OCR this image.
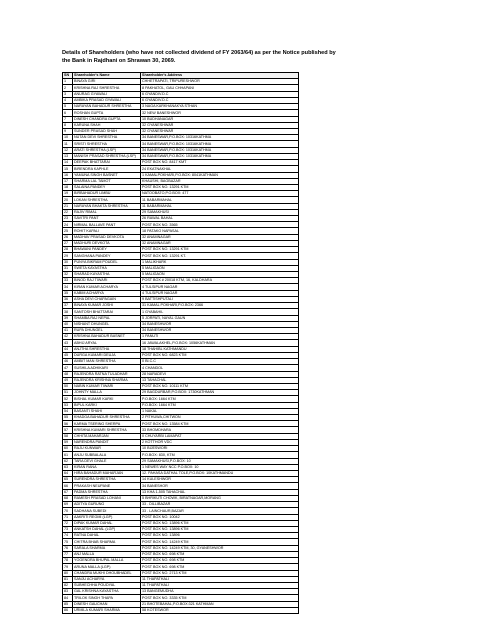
Details of Shareholders (who have not collected dividend of FY 2063/64) as per the Notice published by
the Bank in Rajdhani on Shrawan 30, 2069.
SN	Shareholder's Name	Shareholder's Address
1	BINAYA GIRI	CHHETRAPATI, TRIPURESHWOR
2	KRISHNA RAJ SHRESTHA	8 PAKHATOL, GAU CHHAPANI
3	ANURAG GYAWALI	6 GYANDIV.D.C
4	AMBIKA PRASAD GYAWALI	6 GYANDIV.D.C
5	NARAYAN BAHADUR SHRESTHA	3 NAGA KARKHANAKYA STHAN
6	ROSHAN GUPTA	32 NEW BANESHWOR
7	DINESH CHANDRA GUPTA	10 BUDHANAGAR
8	KARUNA SHAH	32 GYANESHWAR
9	SUNDER PRASAD SHAH	32 GYANESHWAR
10	NUTAN DEVI SHRESTHA	34 BANESWAR,P.O.BOX: 10316KATHMA
11	SRISTI SHRESTHA	34 BANESWAR,P.O.BOX: 10316KATHMA
12	ARATI SHRESTHA (LSP)	34 BANESWAR,P.O.BOX: 10316KATHMA
13	MANISH PRASAD SHRESTHA (LSP)	34 BANESWAR,P.O.BOX: 10316KATHMA
14	DEEPAK BHATTARAI	POST BOX NO. 8417 KMT
15	BIRENDRA KAPHLE	24 EKATNAKHAL
16	YAMUNA SINGH BASNET	1 KAMALPOKHARI,P.O.BOX: 8041KATHMAN
17	SHARMA LAL TAMOT	KHAUSHI, BAGBAZAR
18	SALAINA PANDEY	POST BOX NO. 13291 KTM
19	BIRBAHADUR LIMBU	NATOOBATO,P.O.BOX: 477
20	LOKAN SHRESTHA	11 BABARMAHAL
21	NARAYAN BHAKTA SHRESTHA	11 BABARMAHAL
22	RAJIV RIMAL	29 SAMAKHUSI
23	SAVITRI PANT	26 RAWAL BAHAL
24	NIRMAL BALLAVE PANT	POST BOX NO. 3565
25	ROHIT KAPALI	18 PATAKO NAPASAL
26	MADHAV PRASAD DEVKOTA	32 ANAMNAGAR
27	MADHURI DEVKOTA	32 ANAMNAGAR
28	BHAWANI PANDEY	POST BOX NO. 13291 KTM
29	SANGHANA PANDEY	POST BOX NO. 13291 KT.
30	PUNYA BIKRAM POUDEL	1 MALIKHARK
31	SWETA KAYASTHA	5 MALIGAON
32	SHARAD KAYASTHA	5 MALIGAON
33	BINOD RAJ TIWARI	POST BOX # 20018 KTM, 16, KALDHARA
34	KIRAN KUMAR ACHARYA	4 TULSIPUR NAGAR
35	KABIM ACHARYA	4 TULSIPUR NAGAR
36	ASHA DEVI CHAPAGAIN	9 BATTISHPUTALI
37	BINAYA KUMAR JOSHI	31 KAMAL POKHARI,P.O.BOX: 2366
38	SANTOSH BHATTARAI	1 GYABAHIL
39	SHAMBA RAJ NEPAL	5 JORPATI, NAYAL GAUN
40	NISHANT DHUNGEL	34 BANESHWOR
41	RUPA DHUNGEL	34 BANESHWOR
42	KRISHNA BAHADUR BASNET	1 PANUTI
43	ABHIJ ARYAL	16 JAWALAKHEL,P.O.BOX: 1056KATHMAN
44	ANJTHA SHRESTHA	18 THAHIBL KATHMANDU
45	DURGA KUMARI DEUJA	POST BOX NO. 6823 KTM
46	AMBIT MAN SHRESTHA	0 BI.C.C
47	SUSHILA ADHIKARI	4 CHANDOL
48	RAJENDRA RATNA TULADHAR	28 NARADEVI
49	RAJENDRA KRISHNA SHARMA	13 TAHACHAL
50	NABIN KUMAR TIWARI	POST BOX NO. 10111 KTM
51	JOHNTY MALLA	29 BAGDURBAR,P.O.BOX: 1730KATHMAN
52	BISHAL KUMAR KARKI	P.O.BOX: 1664 KTM
53	BIPUL KARKI	P.O.BOX: 1664 KTM
54	BASANTI SHAHI	1 NAKAL
55	KHADGA BAHADUR SHRESTHA	2 PITHUWA,CHITWON
56	KARMA TSERING SHERPA	POST BOX NO. 13584 KTM
57	KRISHNA KUMARI SHRESTHA	33 BHOMDHARA
58	CHHITA MAHARJAN	0 CHUYARBI LAMAPAT
59	NARENDRA PANDIT	2 KOTTHOR VDC
60	RAJU KUNWAR	10 BIJESWORI
61	ANJU SUBBALALA	P.O.BOX: 830, KTM
62	TARA DEVI GHALE	29 SAMAKHUSI,P.O.BOX: 10
63	KIRAN RANA	1 NEWES WAY NCC P.O.BOX: 10
64	HIRA BAHADUR MAHARJAN	12. PAHASA DATHAL TOLE,P.O.BOX: 10KATHMANDU
65	SURENDRA SHRESTHA	14 KULESHWOR
66	PRAKASH NEUPANE	34 BANESHOR
67	PADMA SHRESTHA	13 KHA 1-505 TAHACHAL
68	RAMESH PRASAD LOHANI	5 BHRIKUTI CHOWK, BIRATNAGAR,MORANG
69	ADITYA GURUNG	33 . DILLIBAZAR
70	SADHANA SUBEDI	33 . LAINCHAUR,BAZAR
71	AAKRITI REGMI (LGP)	POST BOX NO. 10042
72	DIPAK KUMAR DAHAL	POST BOX NO. 13896 KTM
73	ANKATSH DAHAL (LGP)	POST BOX NO. 13896 KTM
74	RATNA DAHAL	POST BOX NO. 13896
75	CHITRA BHAB SHARMA	POST BOX NO. 14249 KTM
76	SARALA SHARMA	POST BOX NO. 14249 KTM, 30, GYANESHWOR
77	ANJ MALLA	POST BOX NO. 698 KTM
78	YOGENDRA BHUPAL MALLA	POST BOX NO. 698 KTM
79	ARUNA MALLA (LGP)	POST BOX NO. 698 KTM
80	CHANDRA MUKHI DHOUBHADEL	POST BOX NO. 2713 KTM
81	SANJU ACHARYA	11 THAPATHALI
82	SUBHECHHA POUDYAL	11 THAPATHALI
83	GAL KRISHNA KAYASTHA	13 BANGEMUDHA
84	TRILOK SINGH THAPA	POST BOX NO. 3335 KTM
85	DINESH GAUCHAN	21 BHOTEBAHAL,P.O.BOX:321 KATHMAN
86	URMILA KUMARI SHARMA	58 KOTESWOR
